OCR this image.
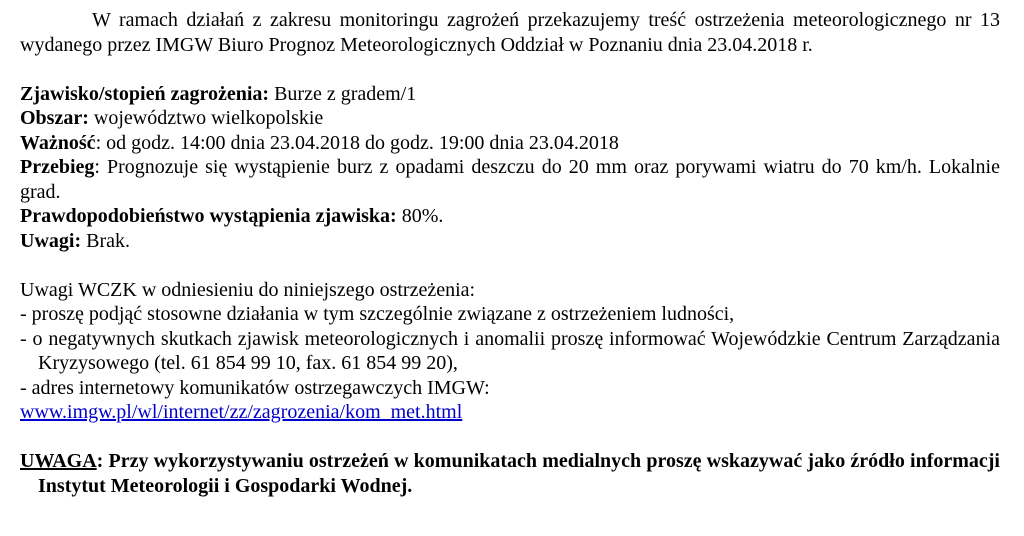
W ramach działań z zakresu monitoringu zagrożeń przekazujemy treść ostrzeżenia meteorologicznego nr 13 wydanego przez IMGW Biuro Prognoz Meteorologicznych Oddział w Poznaniu dnia 23.04.2018 r.

Zjawisko/stopień zagrożenia: Burze z gradem/1

Obszar: województwo wielkopolskie

Ważność: od godz. 14:00 dnia 23.04.2018 do godz. 19:00 dnia 23.04.2018

Przebieg: Prognozuje się wystąpienie burz z opadami deszczu do 20 mm oraz porywami wiatru do 70 km/h. Lokalnie grad.

Prawdopodobieństwo wystąpienia zjawiska: 80%.

Uwagi: Brak.

Uwagi WCZK w odniesieniu do niniejszego ostrzeżenia:

- proszę podjąć stosowne działania w tym szczególnie związane z ostrzeżeniem ludności,

- o negatywnych skutkach zjawisk meteorologicznych i anomalii proszę informować Wojewódzkie Centrum Zarządzania Kryzysowego (tel. 61 854 99 10, fax. 61 854 99 20),

- adres internetowy komunikatów ostrzegawczych IMGW:

www.imgw.pl/wl/internet/zz/zagrozenia/kom_met.html

UWAGA: Przy wykorzystywaniu ostrzeżeń w komunikatach medialnych proszę wskazywać jako źródło informacji Instytut Meteorologii i Gospodarki Wodnej.
